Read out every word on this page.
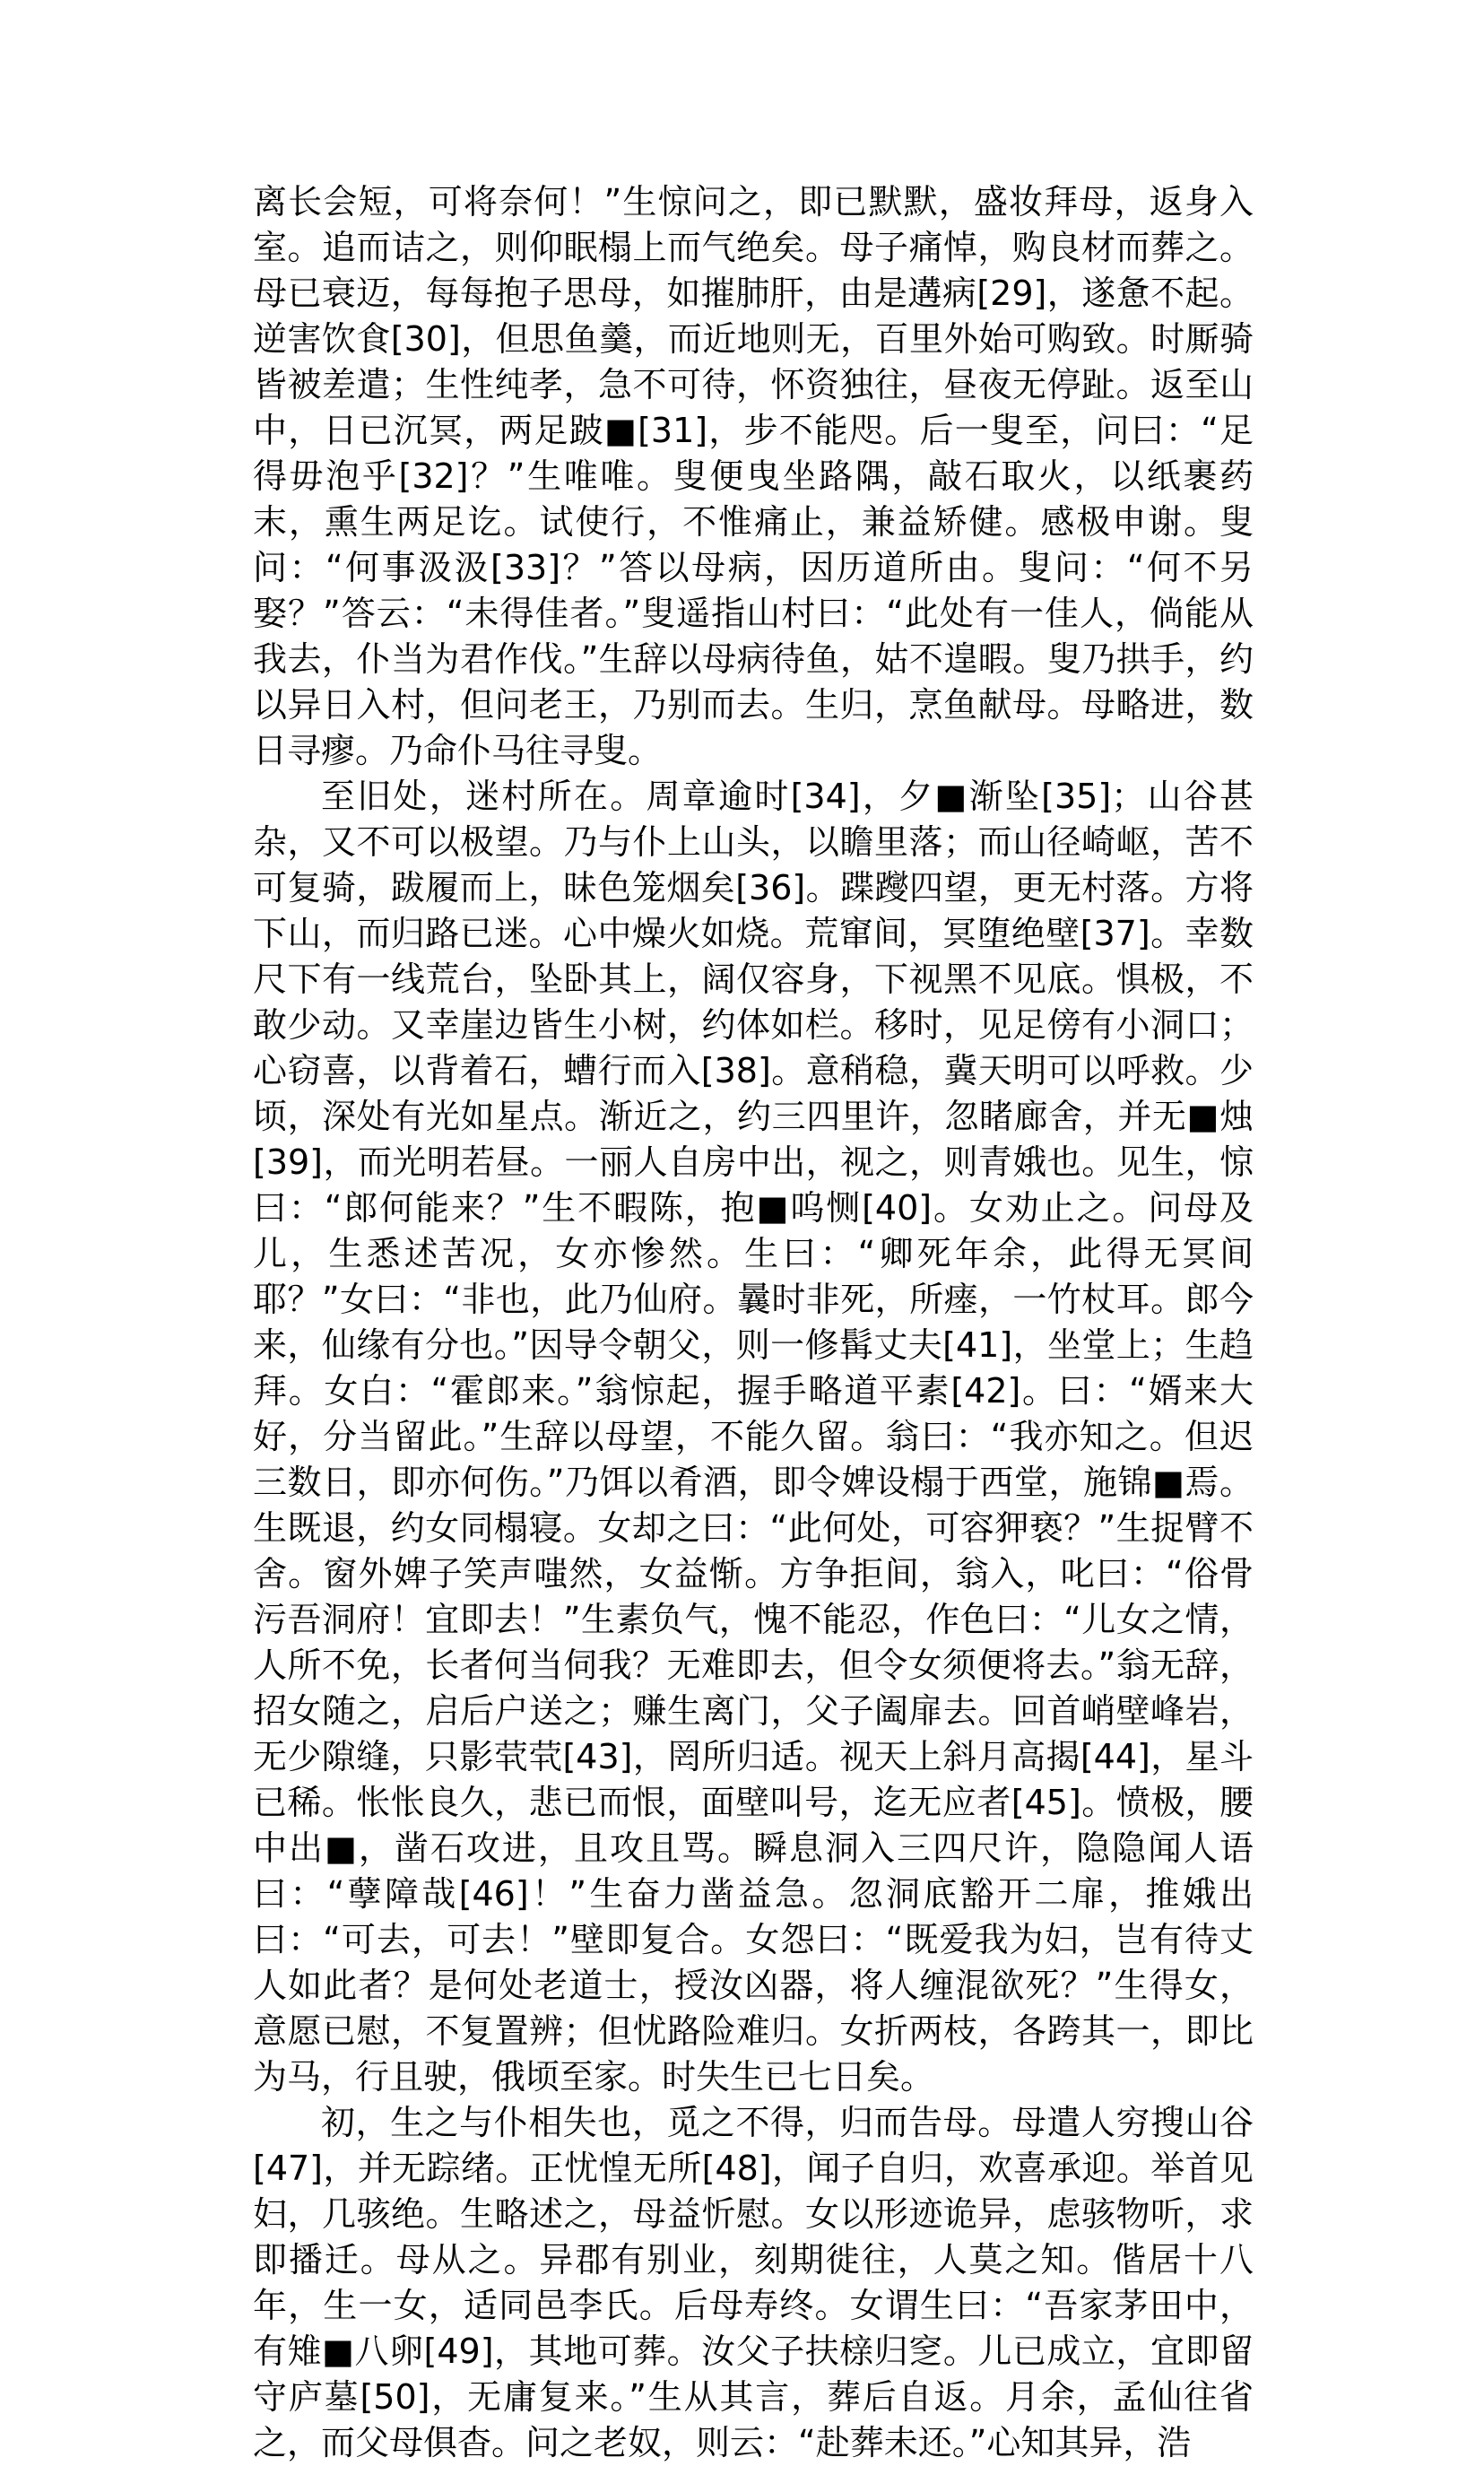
离长会短，可将奈何！”生惊问之，即已默默，盛妆拜母，返身入室。追而诘之，则仰眠榻上而气绝矣。母子痛悼，购良材而葬之。母已衰迈，每每抱子思母，如摧肺肝，由是遘病[29]，遂惫不起。逆害饮食[30]，但思鱼羹，而近地则无，百里外始可购致。时厮骑皆被差遣；生性纯孝，急不可待，怀资独往，昼夜无停趾。返至山中，日已沉冥，两足跛■[31]，步不能咫。后一叟至，问曰：“足得毋泡乎[32]？”生唯唯。叟便曳坐路隅，敲石取火，以纸裹药末，熏生两足讫。试使行，不惟痛止，兼益矫健。感极申谢。叟问：“何事汲汲[33]？”答以母病，因历道所由。叟问：“何不另娶？”答云：“未得佳者。”叟遥指山村曰：“此处有一佳人，倘能从我去，仆当为君作伐。”生辞以母病待鱼，姑不遑暇。叟乃拱手，约以异日入村，但问老王，乃别而去。生归，烹鱼献母。母略进，数日寻瘳。乃命仆马往寻叟。

至旧处，迷村所在。周章逾时[34]，夕■渐坠[35]；山谷甚杂，又不可以极望。乃与仆上山头，以瞻里落；而山径崎岖，苦不可复骑，跋履而上，昧色笼烟矣[36]。蹀躞四望，更无村落。方将下山，而归路已迷。心中燥火如烧。荒窜间，冥堕绝壁[37]。幸数尺下有一线荒台，坠卧其上，阔仅容身，下视黑不见底。惧极，不敢少动。又幸崖边皆生小树，约体如栏。移时，见足傍有小洞口；心窃喜，以背着石，螬行而入[38]。意稍稳，冀天明可以呼救。少顷，深处有光如星点。渐近之，约三四里许，忽睹廊舍，并无■烛[39]，而光明若昼。一丽人自房中出，视之，则青娥也。见生，惊曰：“郎何能来？”生不暇陈，抱■呜恻[40]。女劝止之。问母及儿，生悉述苦况，女亦惨然。生曰：“卿死年余，此得无冥间耶？”女曰：“非也，此乃仙府。曩时非死，所瘗，一竹杖耳。郎今来，仙缘有分也。”因导令朝父，则一修髯丈夫[41]，坐堂上；生趋拜。女白：“霍郎来。”翁惊起，握手略道平素[42]。曰：“婿来大好，分当留此。”生辞以母望，不能久留。翁曰：“我亦知之。但迟三数日，即亦何伤。”乃饵以肴酒，即令婢设榻于西堂，施锦■焉。生既退，约女同榻寝。女却之曰：“此何处，可容狎亵？”生捉臂不舍。窗外婢子笑声嗤然，女益惭。方争拒间，翁入，叱曰：“俗骨污吾洞府！宜即去！”生素负气，愧不能忍，作色曰：“儿女之情，人所不免，长者何当伺我？无难即去，但令女须便将去。”翁无辞，招女随之，启后户送之；赚生离门，父子阖扉去。回首峭壁峰岩，无少隙缝，只影茕茕[43]，罔所归适。视天上斜月高揭[44]，星斗已稀。怅怅良久，悲已而恨，面壁叫号，迄无应者[45]。愤极，腰中出■，凿石攻进，且攻且骂。瞬息洞入三四尺许，隐隐闻人语曰：“孽障哉[46]！”生奋力凿益急。忽洞底豁开二扉，推娥出曰：“可去，可去！”壁即复合。女怨曰：“既爱我为妇，岂有待丈人如此者？是何处老道士，授汝凶器，将人缠混欲死？”生得女，意愿已慰，不复置辨；但忧路险难归。女折两枝，各跨其一，即比为马，行且驶，俄顷至家。时失生已七日矣。

初，生之与仆相失也，觅之不得，归而告母。母遣人穷搜山谷[47]，并无踪绪。正忧惶无所[48]，闻子自归，欢喜承迎。举首见妇，几骇绝。生略述之，母益忻慰。女以形迹诡异，虑骇物听，求即播迁。母从之。异郡有别业，刻期徙往，人莫之知。偕居十八年，生一女，适同邑李氏。后母寿终。女谓生曰：“吾家茅田中，有雉■八卵[49]，其地可葬。汝父子扶榇归窆。儿已成立，宜即留守庐墓[50]，无庸复来。”生从其言，葬后自返。月余，孟仙往省之，而父母俱杳。问之老奴，则云：“赴葬未还。”心知其异，浩
